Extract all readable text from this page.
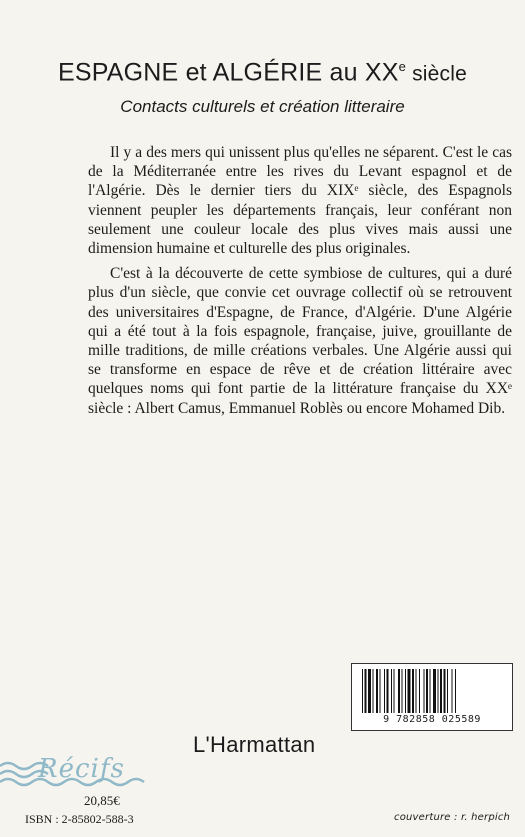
ESPAGNE et ALGÉRIE au XXe siècle
Contacts culturels et création litteraire

Il y a des mers qui unissent plus qu'elles ne séparent. C'est le cas de la Méditerranée entre les rives du Levant espagnol et de l'Algérie. Dès le dernier tiers du XIXᵉ siècle, des Espagnols viennent peupler les départements français, leur conférant non seulement une couleur locale des plus vives mais aussi une dimension humaine et culturelle des plus originales.

C'est à la découverte de cette symbiose de cultures, qui a duré plus d'un siècle, que convie cet ouvrage collectif où se retrouvent des universitaires d'Espagne, de France, d'Algérie. D'une Algérie qui a été tout à la fois espagnole, française, juive, grouillante de mille traditions, de mille créations verbales. Une Algérie aussi qui se transforme en espace de rêve et de création littéraire avec quelques noms qui font partie de la littérature française du XXᵉ siècle : Albert Camus, Emmanuel Roblès ou encore Mohamed Dib.

9 782858 025589
L'Harmattan
Récifs
20,85€
ISBN : 2-85802-588-3	couverture : r. herpich
